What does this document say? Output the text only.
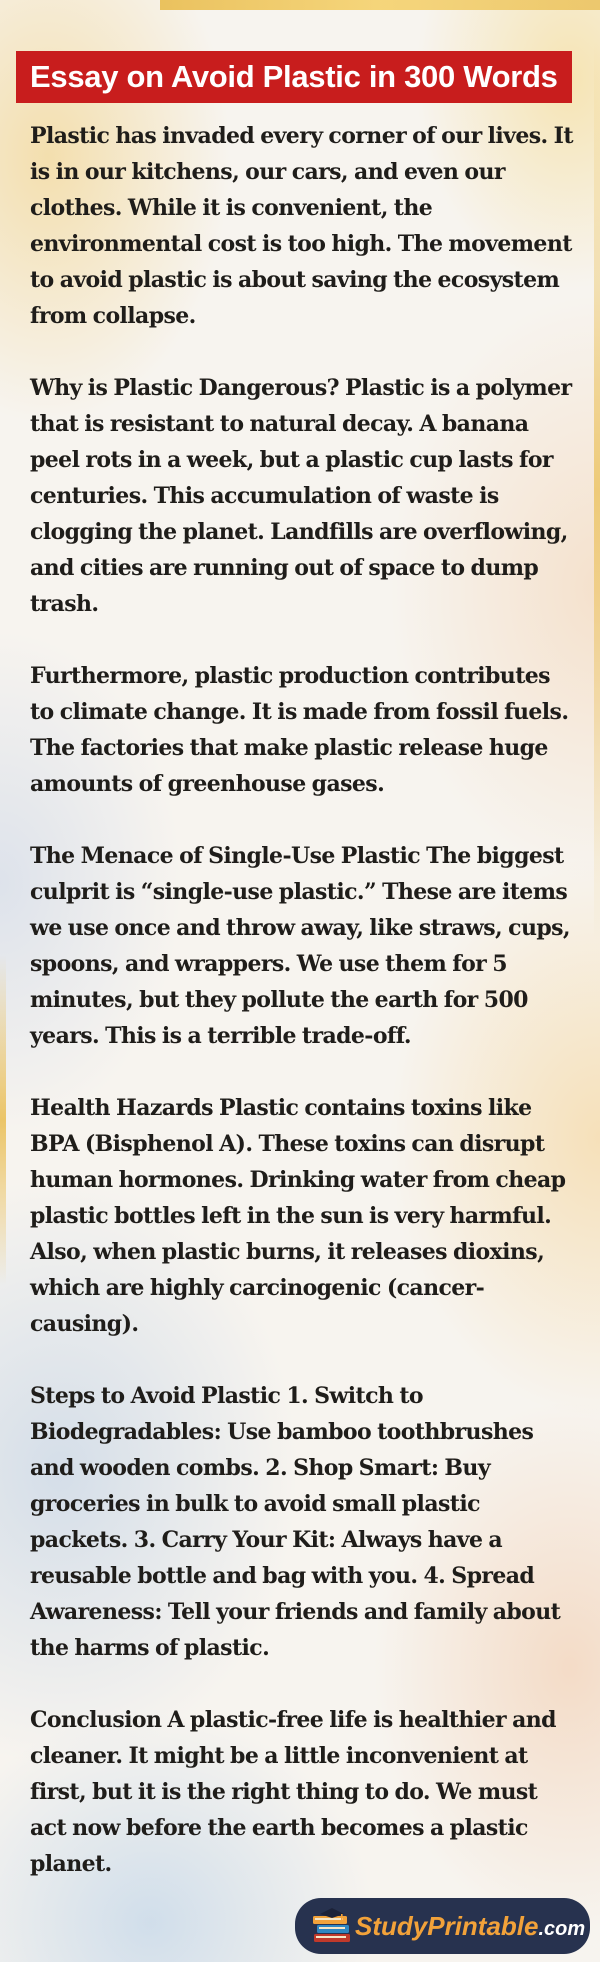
Essay on Avoid Plastic in 300 Words

Plastic has invaded every corner of our lives. It is in our kitchens, our cars, and even our clothes. While it is convenient, the environmental cost is too high. The movement to avoid plastic is about saving the ecosystem from collapse.

Why is Plastic Dangerous? Plastic is a polymer that is resistant to natural decay. A banana peel rots in a week, but a plastic cup lasts for centuries. This accumulation of waste is clogging the planet. Landfills are overflowing, and cities are running out of space to dump trash.

Furthermore, plastic production contributes to climate change. It is made from fossil fuels. The factories that make plastic release huge amounts of greenhouse gases.

The Menace of Single-Use Plastic The biggest culprit is “single-use plastic.” These are items we use once and throw away, like straws, cups, spoons, and wrappers. We use them for 5 minutes, but they pollute the earth for 500 years. This is a terrible trade-off.

Health Hazards Plastic contains toxins like BPA (Bisphenol A). These toxins can disrupt human hormones. Drinking water from cheap plastic bottles left in the sun is very harmful. Also, when plastic burns, it releases dioxins, which are highly carcinogenic (cancer-causing).

Steps to Avoid Plastic 1. Switch to Biodegradables: Use bamboo toothbrushes and wooden combs. 2. Shop Smart: Buy groceries in bulk to avoid small plastic packets. 3. Carry Your Kit: Always have a reusable bottle and bag with you. 4. Spread Awareness: Tell your friends and family about the harms of plastic.

Conclusion A plastic-free life is healthier and cleaner. It might be a little inconvenient at first, but it is the right thing to do. We must act now before the earth becomes a plastic planet.

StudyPrintable.com
